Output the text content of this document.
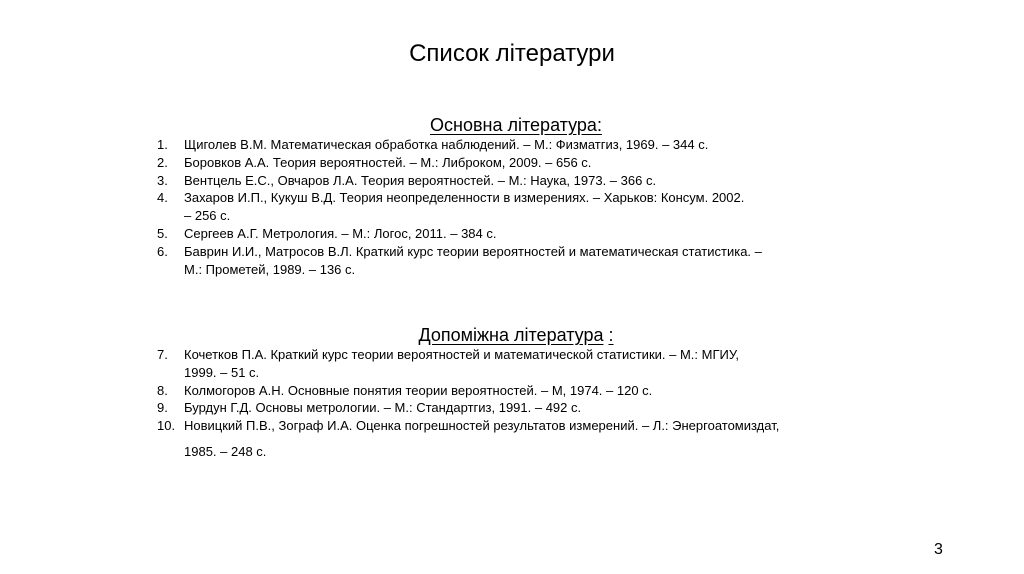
Список літератури
Основна література:
1. Щиголев В.М. Математическая обработка наблюдений. – М.: Физматгиз, 1969. – 344 с.
2. Боровков А.А. Теория вероятностей. – М.: Либроком, 2009. – 656 с.
3. Вентцель Е.С., Овчаров Л.А. Теория вероятностей. – М.: Наука, 1973. – 366 с.
4. Захаров И.П., Кукуш В.Д. Теория неопределенности в измерениях. – Харьков: Консум. 2002.
– 256 с.
5. Сергеев А.Г. Метрология. – М.: Логос, 2011. – 384 с.
6. Баврин И.И., Матросов В.Л. Краткий курс теории вероятностей и математическая статистика. –
М.: Прометей, 1989. – 136 с.
Допоміжна література :
7. Кочетков П.А. Краткий курс теории вероятностей и математической статистики. – М.: МГИУ,
1999. – 51 с.
8. Колмогоров А.Н. Основные понятия теории вероятностей. – М, 1974. – 120 с.
9. Бурдун Г.Д. Основы метрологии. – М.: Стандартгиз, 1991. – 492 с.
10. Новицкий П.В., Зограф И.А. Оценка погрешностей результатов измерений. – Л.: Энергоатомиздат,
1985. – 248 с.
3
